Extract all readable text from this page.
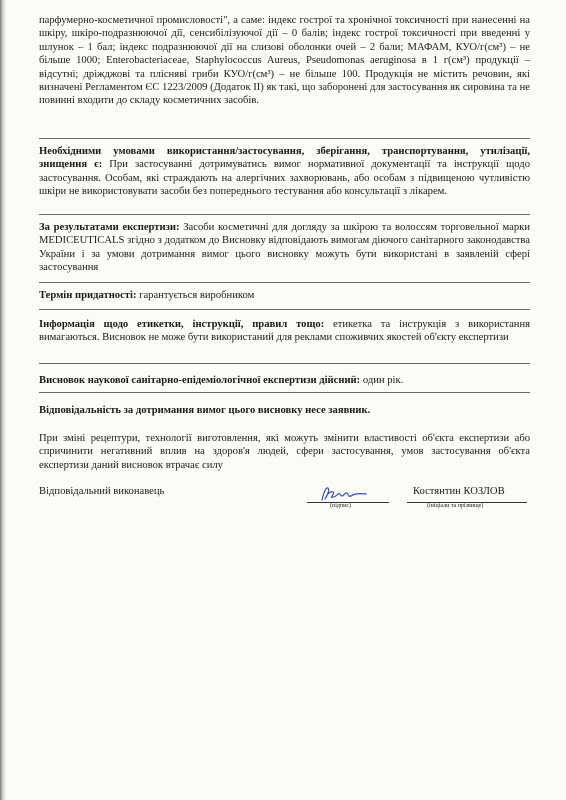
парфумерно-косметичної промисловості", а саме: індекс гострої та хронічної токсичності при нанесенні на шкіру, шкіро-подразнюючої дії, сенсибілізуючої дії – 0 балів; індекс гострої токсичності при введенні у шлунок – 1 бал; індекс подразнюючої дії на слизові оболонки очей – 2 бали; МАФАМ, КУО/г(см³) – не більше 1000; Enterobacteriaceae, Staphylococcus Aureus, Pseudomonas aeruginosa в 1 г(см³) продукції – відсутні; дріжджові та плісняві гриби КУО/г(см³) – не більше 100. Продукція не містить речовин, які визначені Регламентом ЄС 1223/2009 (Додаток II) як такі, що заборонені для застосування як сировина та не повинні входити до складу косметичних засобів.
Необхідними умовами використання/застосування, зберігання, транспортування, утилізації, знищення є: При застосуванні дотримуватись вимог нормативної документації та інструкції щодо застосування. Особам, які страждають на алергічних захворювань, або особам з підвищеною чутливістю шкіри не використовувати засоби без попереднього тестування або консультації з лікарем.
За результатами експертизи: Засоби косметичні для догляду за шкірою та волоссям торговельної марки MEDICEUTICALS згідно з додатком до Висновку відповідають вимогам діючого санітарного законодавства України і за умови дотримання вимог цього висновку можуть бути використані в заявленій сфері застосування
Термін придатності: гарантується виробником
Інформація щодо етикетки, інструкції, правил тощо: етикетка та інструкція з використання вимагаються. Висновок не може бути використаний для реклами споживчих якостей об'єкту експертизи
Висновок наукової санітарно-епідеміологічної експертизи дійсний: один рік.
Відповідальність за дотримання вимог цього висновку несе заявник.
При зміні рецептури, технології виготовлення, які можуть змінити властивості об'єкта експертизи або спричинити негативний вплив на здоров'я людей, сфери застосування, умов застосування об'єкта експертизи даний висновок втрачає силу
Відповідальний виконавець
(підпис)
Костянтин КОЗЛОВ
(ініціали та прізвище)
